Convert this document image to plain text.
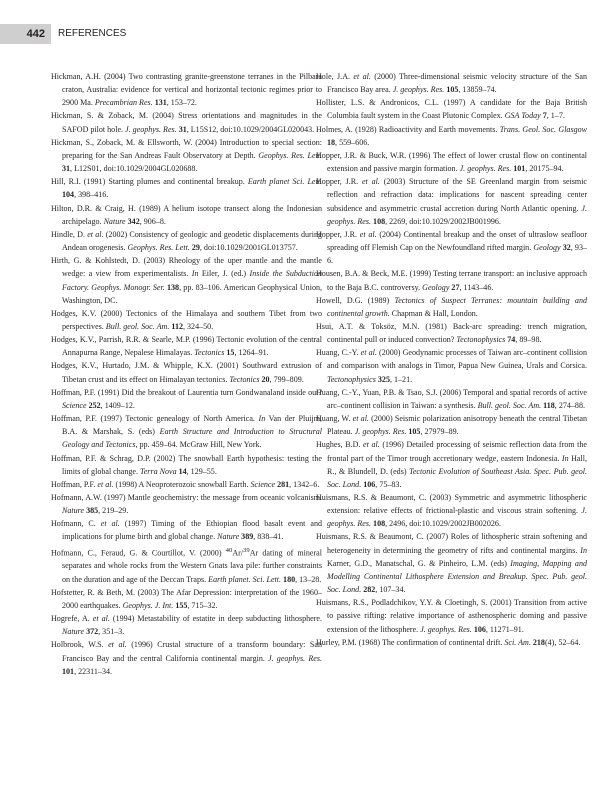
442	REFERENCES

Hickman, A.H. (2004) Two contrasting granite-greenstone terranes in the Pilbara craton, Australia: evidence for vertical and horizontal tectonic regimes prior to 2900 Ma. Precambrian Res. 131, 153–72.

Hickman, S. & Zoback, M. (2004) Stress orientations and magnitudes in the SAFOD pilot hole. J. geophys. Res. 31, L15S12, doi:10.1029/2004GL020043.

Hickman, S., Zoback, M. & Ellsworth, W. (2004) Introduction to special section: preparing for the San Andreas Fault Observatory at Depth. Geophys. Res. Lett. 31, L12S01, doi:10.1029/2004GL020688.

Hill, R.I. (1991) Starting plumes and continental breakup. Earth planet Sci. Lett. 104, 398–416.

Hilton, D.R. & Craig, H. (1989) A helium isotope transect along the Indonesian archipelago. Nature 342, 906–8.

Hindle, D. et al. (2002) Consistency of geologic and geodetic displacements during Andean orogenesis. Geophys. Res. Lett. 29, doi:10.1029/2001GL013757.

Hirth, G. & Kohlstedt, D. (2003) Rheology of the uper mantle and the mantle wedge: a view from experimentalists. In Eiler, J. (ed.) Inside the Subduction Factory. Geophys. Monogr. Ser. 138, pp. 83–106. American Geophysical Union, Washington, DC.

Hodges, K.V. (2000) Tectonics of the Himalaya and southern Tibet from two perspectives. Bull. geol. Soc. Am. 112, 324–50.

Hodges, K.V., Parrish, R.R. & Searle, M.P. (1996) Tectonic evolution of the central Annapurna Range, Nepalese Himalayas. Tectonics 15, 1264–91.

Hodges, K.V., Hurtado, J.M. & Whipple, K.X. (2001) Southward extrusion of Tibetan crust and its effect on Himalayan tectonics. Tectonics 20, 799–809.

Hoffman, P.F. (1991) Did the breakout of Laurentia turn Gondwanaland inside out? Science 252, 1409–12.

Hoffman, P.F. (1997) Tectonic genealogy of North America. In Van der Pluijm, B.A. & Marshak, S. (eds) Earth Structure and Introduction to Structural Geology and Tectonics, pp. 459–64. McGraw Hill, New York.

Hoffman, P.F. & Schrag, D.P. (2002) The snowball Earth hypothesis: testing the limits of global change. Terra Nova 14, 129–55.

Hoffman, P.F. et al. (1998) A Neoproterozoic snowball Earth. Science 281, 1342–6.

Hofmann, A.W. (1997) Mantle geochemistry: the message from oceanic volcanism. Nature 385, 219–29.

Hofmann, C. et al. (1997) Timing of the Ethiopian flood basalt event and implications for plume birth and global change. Nature 389, 838–41.

Hofmann, C., Feraud, G. & Courtillot, V. (2000) $^{40}$Ar/$^{39}$Ar dating of mineral separates and whole rocks from the Western Gnats lava pile: further constraints on the duration and age of the Deccan Traps. Earth planet. Sci. Lett. 180, 13–28.

Hofstetter, R. & Beth, M. (2003) The Afar Depression: interpretation of the 1960–2000 earthquakes. Geophys. J. Int. 155, 715–32.

Hogrefe, A. et al. (1994) Metastability of estatite in deep subducting lithosphere. Nature 372, 351–3.

Holbrook, W.S. et al. (1996) Crustal structure of a transform boundary: San Francisco Bay and the central California continental margin. J. geophys. Res. 101, 22311–34.

Hole, J.A. et al. (2000) Three-dimensional seismic velocity structure of the San Francisco Bay area. J. geophys. Res. 105, 13859–74.

Hollister, L.S. & Andronicos, C.L. (1997) A candidate for the Baja British Columbia fault system in the Coast Plutonic Complex. GSA Today 7, 1–7.

Holmes, A. (1928) Radioactivity and Earth movements. Trans. Geol. Soc. Glasgow 18, 559–606.

Hopper, J.R. & Buck, W.R. (1996) The effect of lower crustal flow on continental extension and passive margin formation. J. geophys. Res. 101, 20175–94.

Hopper, J.R. et al. (2003) Structure of the SE Greenland margin from seismic reflection and refraction data: implications for nascent spreading center subsidence and asymmetric crustal accretion during North Atlantic opening. J. geophys. Res. 108, 2269, doi:10.1029/2002JB001996.

Hopper, J.R. et al. (2004) Continental breakup and the onset of ultraslow seafloor spreading off Flemish Cap on the Newfoundland rifted margin. Geology 32, 93–6.

Housen, B.A. & Beck, M.E. (1999) Testing terrane transport: an inclusive approach to the Baja B.C. controversy. Geology 27, 1143–46.

Howell, D.G. (1989) Tectonics of Suspect Terranes: mountain building and continental growth. Chapman & Hall, London.

Hsui, A.T. & Toksöz, M.N. (1981) Back-arc spreading: trench migration, continental pull or induced convection? Tectonophysics 74, 89–98.

Huang, C.-Y. et al. (2000) Geodynamic processes of Taiwan arc–continent collision and comparison with analogs in Timor, Papua New Guinea, Urals and Corsica. Tectonophysics 325, 1–21.

Huang, C.-Y., Yuan, P.B. & Tsao, S.J. (2006) Temporal and spatial records of active arc–continent collision in Taiwan: a synthesis. Bull. geol. Soc. Am. 118, 274–88.

Huang, W. et al. (2000) Seismic polarization anisotropy beneath the central Tibetan Plateau. J. geophys. Res. 105, 27979–89.

Hughes, B.D. et al. (1996) Detailed processing of seismic reflection data from the frontal part of the Timor trough accretionary wedge, eastern Indonesia. In Hall, R., & Blundell, D. (eds) Tectonic Evolution of Southeast Asia. Spec. Pub. geol. Soc. Lond. 106, 75–83.

Huismans, R.S. & Beaumont, C. (2003) Symmetric and asymmetric lithospheric extension: relative effects of frictional-plastic and viscous strain softening. J. geophys. Res. 108, 2496, doi:10.1029/2002JB002026.

Huismans, R.S. & Beaumont, C. (2007) Roles of lithospheric strain softening and heterogeneity in determining the geometry of rifts and continental margins. In Karner, G.D., Manatschal, G. & Pinheiro, L.M. (eds) Imaging, Mapping and Modelling Continental Lithosphere Extension and Breakup. Spec. Pub. geol. Soc. Lond. 282, 107–34.

Huismans, R.S., Podladchikov, Y.Y. & Cloetingh, S. (2001) Transition from active to passive rifting: relative importance of asthenospheric doming and passive extension of the lithosphere. J. geophys. Res. 106, 11271–91.

Hurley, P.M. (1968) The confirmation of continental drift. Sci. Am. 218(4), 52–64.
